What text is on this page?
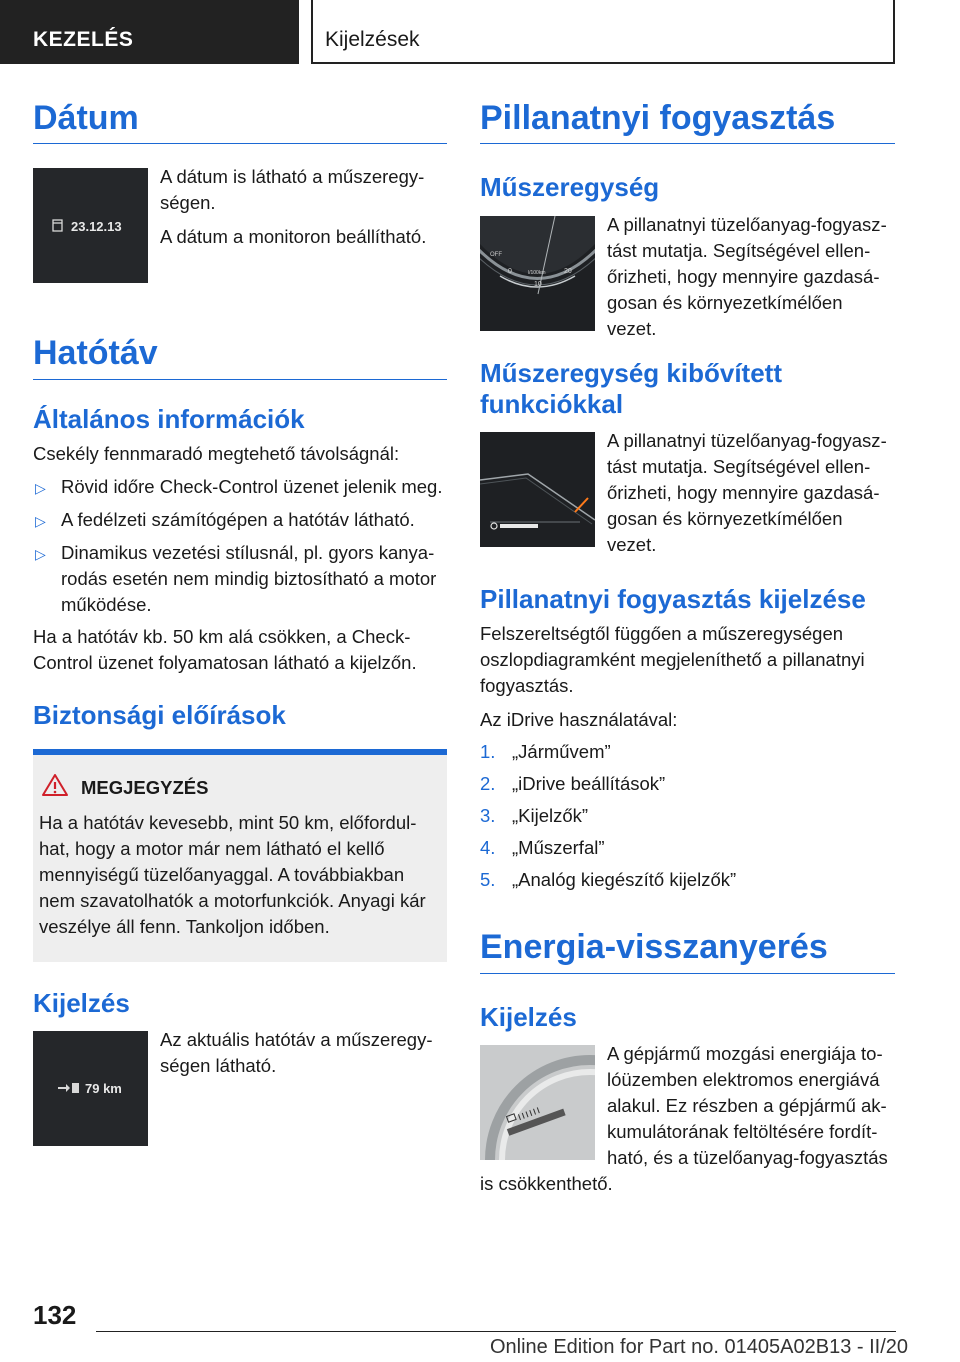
KEZELÉS	Kijelzések
Dátum
23.12.13

A dátum is látható a műszeregységen.

A dátum a monitoron beállítható.

Hatótáv
Általános információk

Csekély fennmaradó megtehető távolságnál:

▷ Rövid időre Check-Control üzenet jelenik meg.
▷ A fedélzeti számítógépen a hatótáv látható.
▷ Dinamikus vezetési stílusnál, pl. gyors kanyarodás esetén nem mindig biztosítható a motor működése.

Ha a hatótáv kb. 50 km alá csökken, a Check-Control üzenet folyamatosan látható a kijelzőn.

Biztonsági előírások
MEGJEGYZÉS

Ha a hatótáv kevesebb, mint 50 km, előfordulhat, hogy a motor már nem látható el kellő mennyiségű tüzelőanyaggal. A továbbiakban nem szavatolhatók a motorfunkciók. Anyagi kár veszélye áll fenn. Tankoljon időben.

Kijelzés
79 km

Az aktuális hatótáv a műszeregységen látható.

Pillanatnyi fogyasztás
Műszeregység
OFF
0
10
20
l/100km

A pillanatnyi tüzelőanyag-fogyasztást mutatja. Segítségével ellenőrizheti, hogy mennyire gazdaságosan és környezetkímélően vezet.

Műszeregység kibővített funkciókkal

A pillanatnyi tüzelőanyag-fogyasztást mutatja. Segítségével ellenőrizheti, hogy mennyire gazdaságosan és környezetkímélően vezet.

Pillanatnyi fogyasztás kijelzése

Felszereltségtől függően a műszeregységen oszlopdiagramként megjeleníthető a pillanatnyi fogyasztás.

Az iDrive használatával:

1. „Járművem”
2. „iDrive beállítások”
3. „Kijelzők”
4. „Műszerfal”
5. „Analóg kiegészítő kijelzők”
Energia-visszanyerés
Kijelzés

A gépjármű mozgási energiája tolóüzemben elektromos energiává alakul. Ez részben a gépjármű akkumulátorának feltöltésére fordítható, és a tüzelőanyag-fogyasztás is csökkenthető.

132
Online Edition for Part no. 01405A02B13 - II/20
